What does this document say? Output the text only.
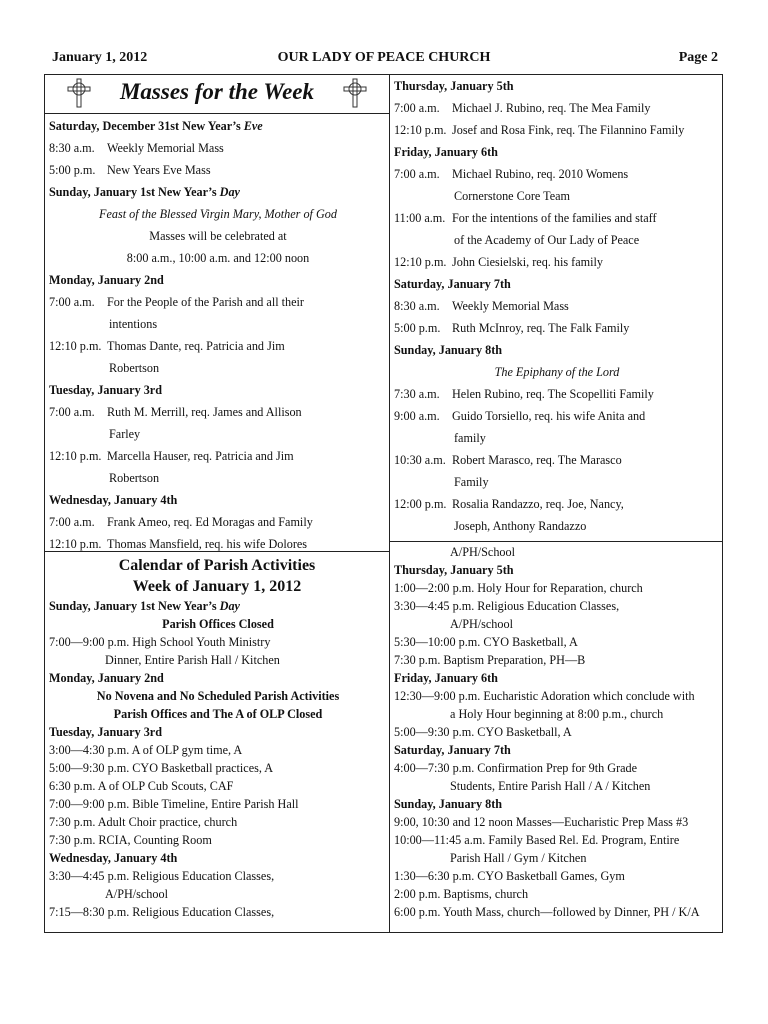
January 1, 2012	OUR LADY OF PEACE CHURCH	Page 2
Masses for the Week
Saturday, December 31st New Year’s Eve
8:30 a.m. Weekly Memorial Mass
5:00 p.m. New Years Eve Mass
Sunday, January 1st New Year’s Day
Feast of the Blessed Virgin Mary, Mother of God
Masses will be celebrated at
8:00 a.m., 10:00 a.m. and 12:00 noon
Monday, January 2nd
7:00 a.m. For the People of the Parish and all their
intentions
12:10 p.m. Thomas Dante, req. Patricia and Jim
Robertson
Tuesday, January 3rd
7:00 a.m. Ruth M. Merrill, req. James and Allison
Farley
12:10 p.m. Marcella Hauser, req. Patricia and Jim
Robertson
Wednesday, January 4th
7:00 a.m. Frank Ameo, req. Ed Moragas and Family
12:10 p.m. Thomas Mansfield, req. his wife Dolores
Thursday, January 5th
7:00 a.m. Michael J. Rubino, req. The Mea Family
12:10 p.m. Josef and Rosa Fink, req. The Filannino Family
Friday, January 6th
7:00 a.m. Michael Rubino, req. 2010 Womens
Cornerstone Core Team
11:00 a.m. For the intentions of the families and staff
of the Academy of Our Lady of Peace
12:10 p.m. John Ciesielski, req. his family
Saturday, January 7th
8:30 a.m. Weekly Memorial Mass
5:00 p.m. Ruth McInroy, req. The Falk Family
Sunday, January 8th
The Epiphany of the Lord
7:30 a.m. Helen Rubino, req. The Scopelliti Family
9:00 a.m. Guido Torsiello, req. his wife Anita and
family
10:30 a.m. Robert Marasco, req. The Marasco
Family
12:00 p.m. Rosalia Randazzo, req. Joe, Nancy,
Joseph, Anthony Randazzo
Calendar of Parish Activities
Week of January 1, 2012
Sunday, January 1st New Year’s Day
Parish Offices Closed
7:00—9:00 p.m. High School Youth Ministry
Dinner, Entire Parish Hall / Kitchen
Monday, January 2nd
No Novena and No Scheduled Parish Activities
Parish Offices and The A of OLP Closed
Tuesday, January 3rd
3:00—4:30 p.m. A of OLP gym time, A
5:00—9:30 p.m. CYO Basketball practices, A
6:30 p.m. A of OLP Cub Scouts, CAF
7:00—9:00 p.m. Bible Timeline, Entire Parish Hall
7:30 p.m. Adult Choir practice, church
7:30 p.m. RCIA, Counting Room
Wednesday, January 4th
3:30—4:45 p.m. Religious Education Classes,
A/PH/school
7:15—8:30 p.m. Religious Education Classes,
A/PH/School
Thursday, January 5th
1:00—2:00 p.m. Holy Hour for Reparation, church
3:30—4:45 p.m. Religious Education Classes,
A/PH/school
5:30—10:00 p.m. CYO Basketball, A
7:30 p.m. Baptism Preparation, PH—B
Friday, January 6th
12:30—9:00 p.m. Eucharistic Adoration which conclude with
a Holy Hour beginning at 8:00 p.m., church
5:00—9:30 p.m. CYO Basketball, A
Saturday, January 7th
4:00—7:30 p.m. Confirmation Prep for 9th Grade
Students, Entire Parish Hall / A / Kitchen
Sunday, January 8th
9:00, 10:30 and 12 noon Masses—Eucharistic Prep Mass #3
10:00—11:45 a.m. Family Based Rel. Ed. Program, Entire
Parish Hall / Gym / Kitchen
1:30—6:30 p.m. CYO Basketball Games, Gym
2:00 p.m. Baptisms, church
6:00 p.m. Youth Mass, church—followed by Dinner, PH / K/A
